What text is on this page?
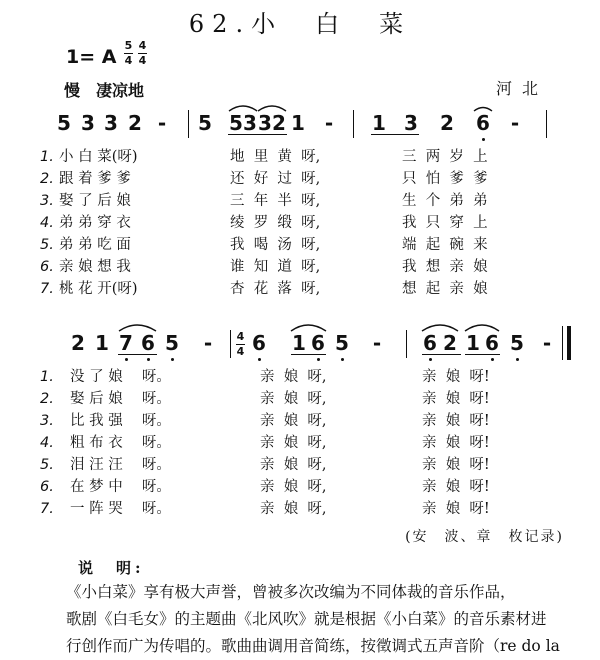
62.小　白　菜
1= A
5
4
4
4
慢　凄凉地	河北
5 3 3 2 - 5 5 3 3 2 1 - 1 3 2 6 -
1.
2.
3.
4.
5.
6.
7.
小 白 菜(呀)
跟 着 爹 爹
娶 了 后 娘
弟 弟 穿 衣
弟 弟 吃 面
亲 娘 想 我
桃 花 开(呀)
地  里  黄  呀,
还  好  过  呀,
三  年  半  呀,
绫  罗  缎  呀,
我  喝  汤  呀,
谁  知  道  呀,
杏  花  落  呀,
三  两  岁  上
只  怕  爹  爹
生  个  弟  弟
我  只  穿  上
端  起  碗  来
我  想  亲  娘
想  起  亲  娘
2 1 7 6 5 - 4
4 6 1 6 5 - 6 2 1 6 5 -
1.
2.
3.
4.
5.
6.
7.
没 了 娘　 呀。
娶 后 娘　 呀。
比 我 强　 呀。
粗 布 衣　 呀。
泪 汪 汪　 呀。
在 梦 中　 呀。
一 阵 哭　 呀。
亲  娘  呀,
亲  娘  呀,
亲  娘  呀,
亲  娘  呀,
亲  娘  呀,
亲  娘  呀,
亲  娘  呀,
亲  娘  呀!
亲  娘  呀!
亲  娘  呀!
亲  娘  呀!
亲  娘  呀!
亲  娘  呀!
亲  娘  呀!
(安　波、章　枚记录)
说　明:
《小白菜》享有极大声誉，曾被多次改编为不同体裁的音乐作品，
歌剧《白毛女》的主题曲《北风吹》就是根据《小白菜》的音乐素材进
行创作而广为传唱的。歌曲曲调用音简练，按徵调式五声音阶（re do la
